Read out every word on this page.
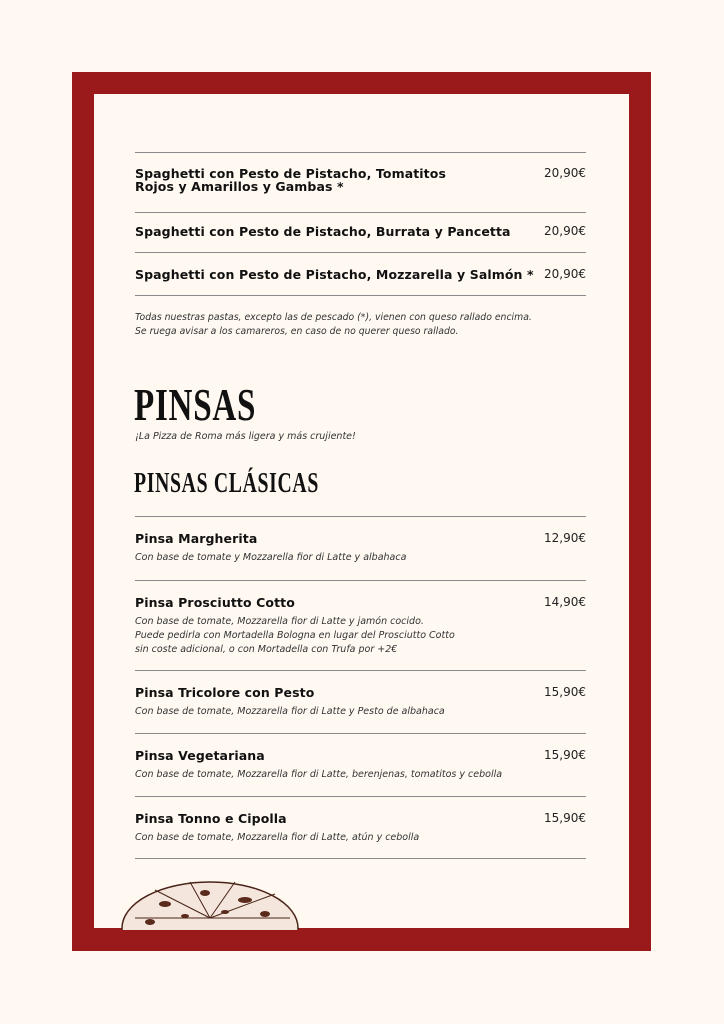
Spaghetti con Pesto de Pistacho, Tomatitos
Rojos y Amarillos y Gambas *
20,90€
Spaghetti con Pesto de Pistacho, Burrata y Pancetta	20,90€
Spaghetti con Pesto de Pistacho, Mozzarella y Salmón * 20,90€
Todas nuestras pastas, excepto las de pescado (*), vienen con queso rallado encima.
Se ruega avisar a los camareros, en caso de no querer queso rallado.
PINSAS
¡La Pizza de Roma más ligera y más crujiente!
PINSAS CLÁSICAS
Pinsa Margherita	12,90€
Con base de tomate y Mozzarella fior di Latte y albahaca
Pinsa Prosciutto Cotto	14,90€
Con base de tomate, Mozzarella fior di Latte y jamón cocido.
Puede pedirla con Mortadella Bologna en lugar del Prosciutto Cotto
sin coste adicional, o con Mortadella con Trufa por +2€
Pinsa Tricolore con Pesto	15,90€
Con base de tomate, Mozzarella fior di Latte y Pesto de albahaca
Pinsa Vegetariana	15,90€
Con base de tomate, Mozzarella fior di Latte, berenjenas, tomatitos y cebolla
Pinsa Tonno e Cipolla	15,90€
Con base de tomate, Mozzarella fior di Latte, atún y cebolla
